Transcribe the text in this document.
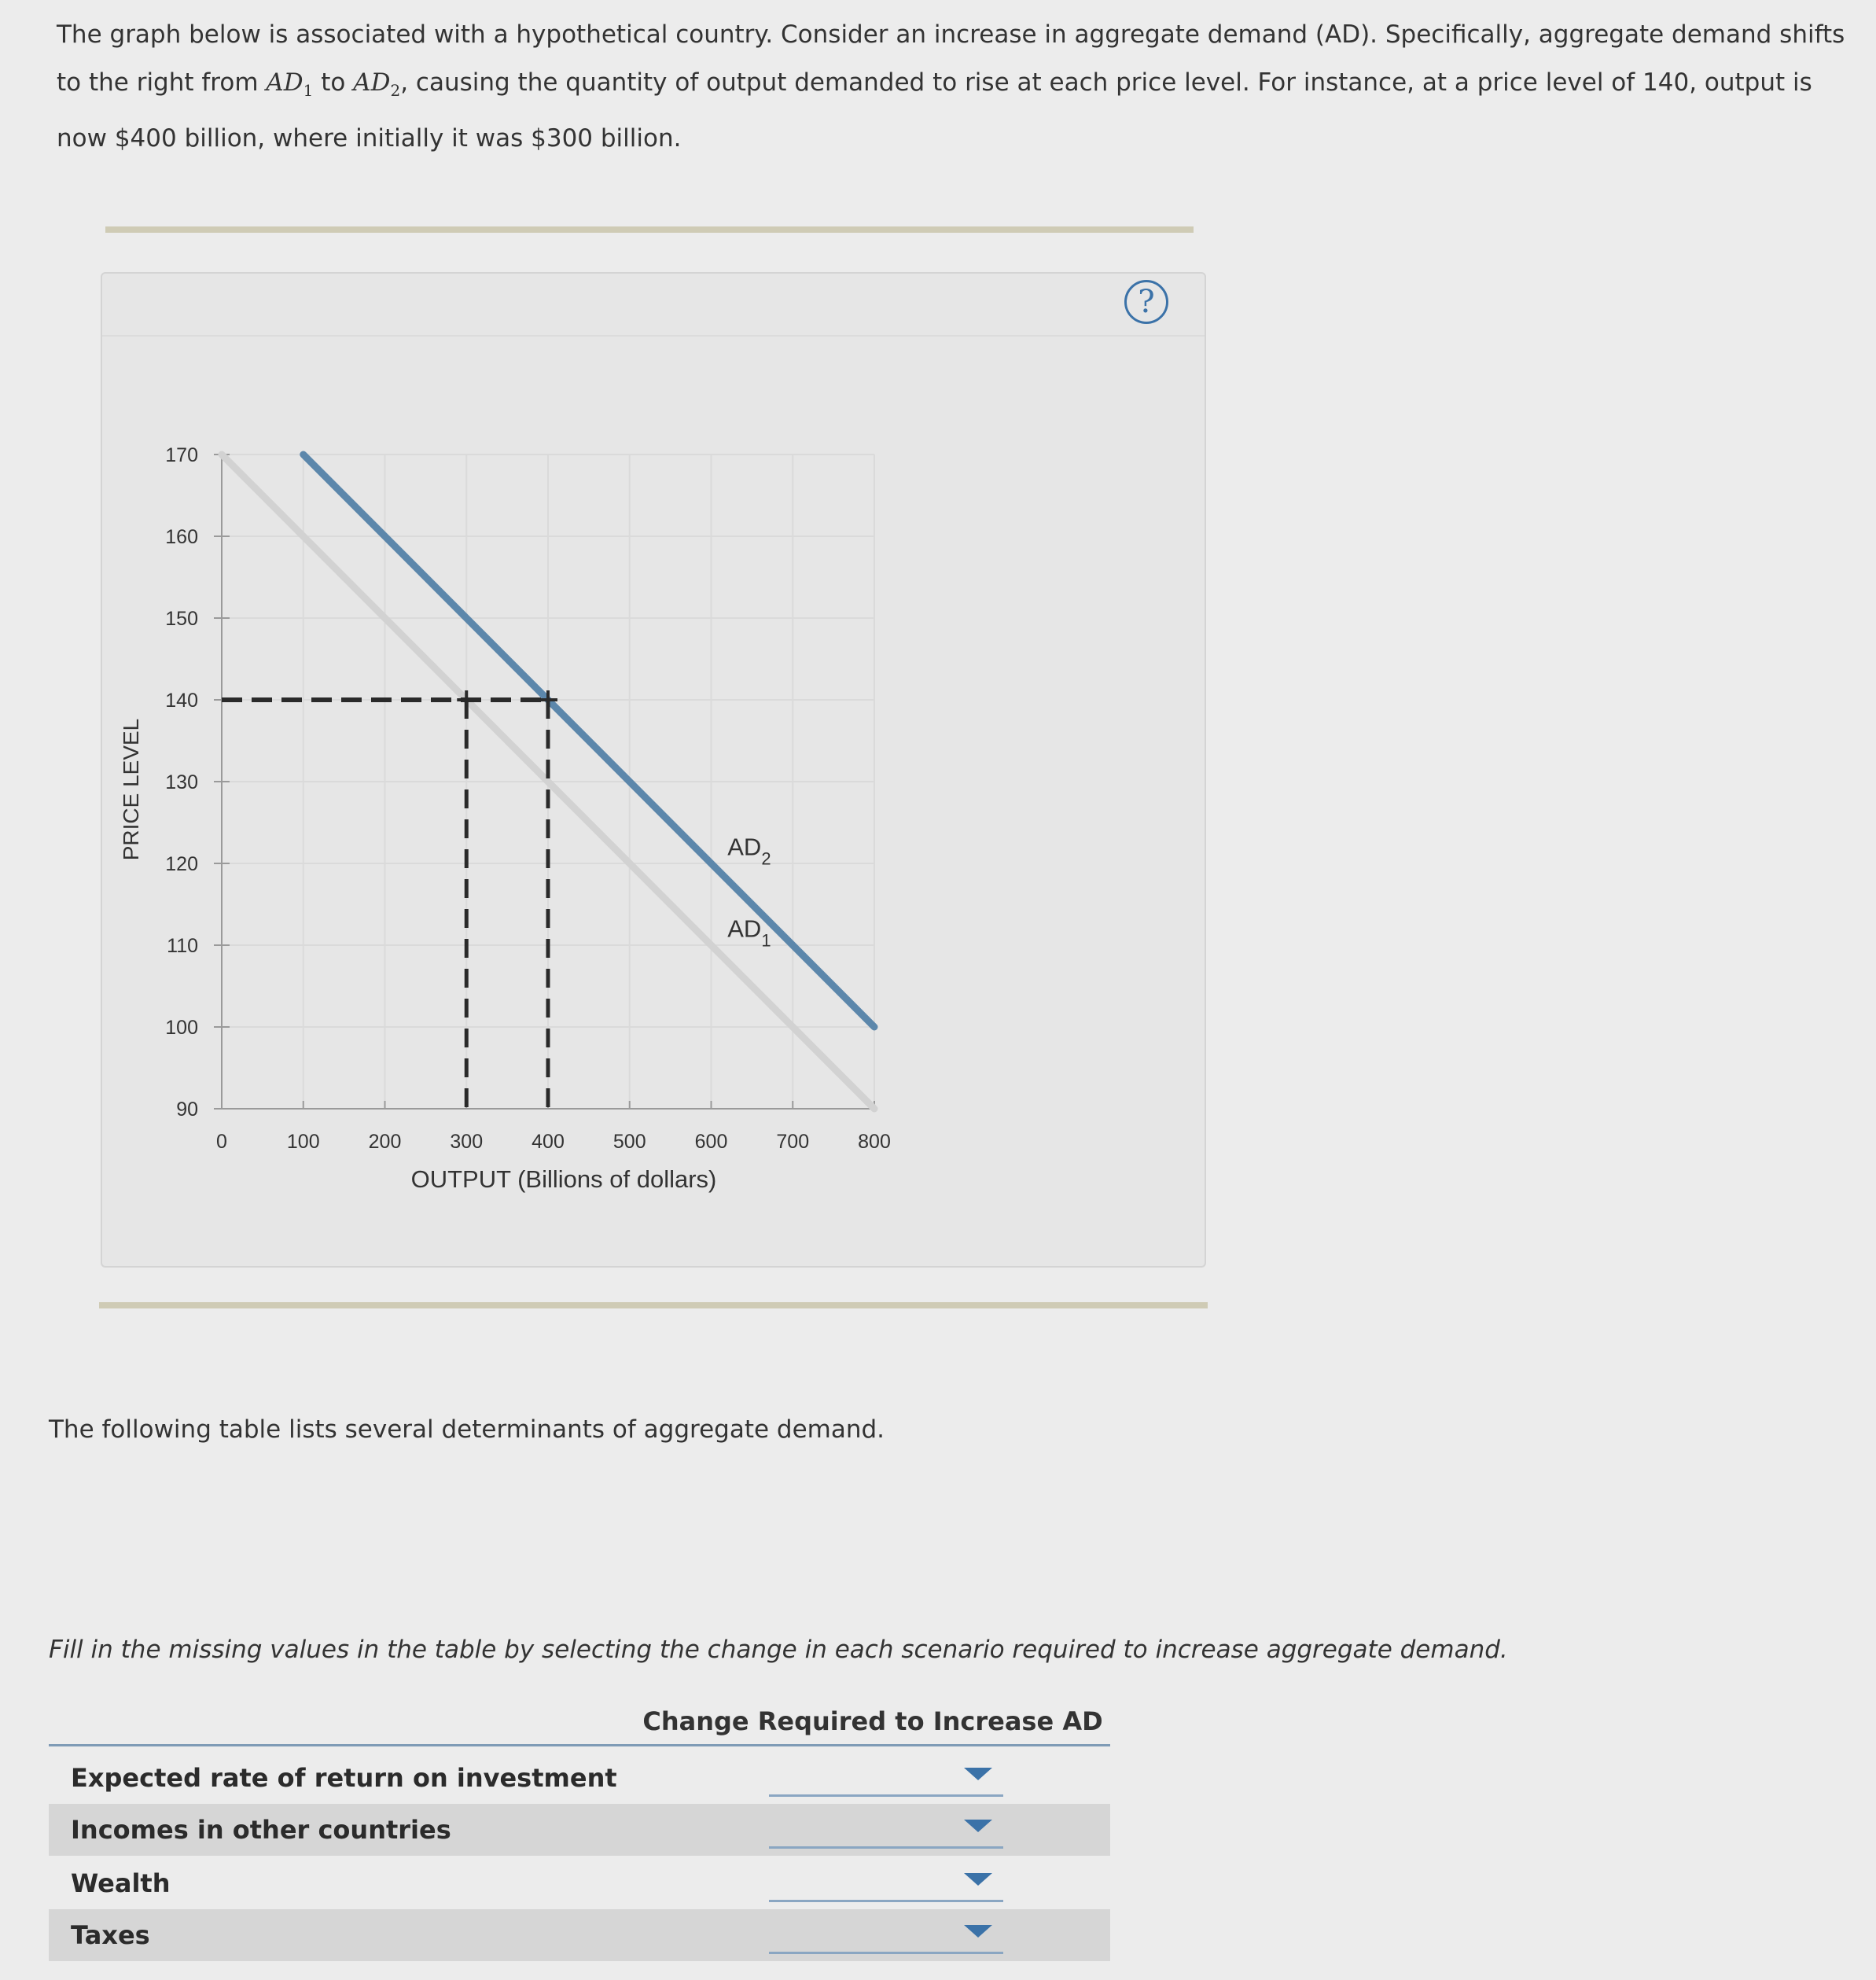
The graph below is associated with a hypothetical country. Consider an increase in aggregate demand (AD). Specifically, aggregate demand shifts to the right from $AD_1$ to $AD_2$, causing the quantity of output demanded to rise at each price level. For instance, at a price level of 140, output is now $400 billion, where initially it was $300 billion.
?
0	100 200 300 400 500 600 700 800
90
100
110
120
130
140
150
160
170
OUTPUT (Billions of dollars)
PRICE LEVEL
$AD_1$
$AD_2$
The following table lists several determinants of aggregate demand.
Fill in the missing values in the table by selecting the change in each scenario required to increase aggregate demand.
Change Required to Increase AD
Expected rate of return on investment
Incomes in other countries
Wealth
Taxes
